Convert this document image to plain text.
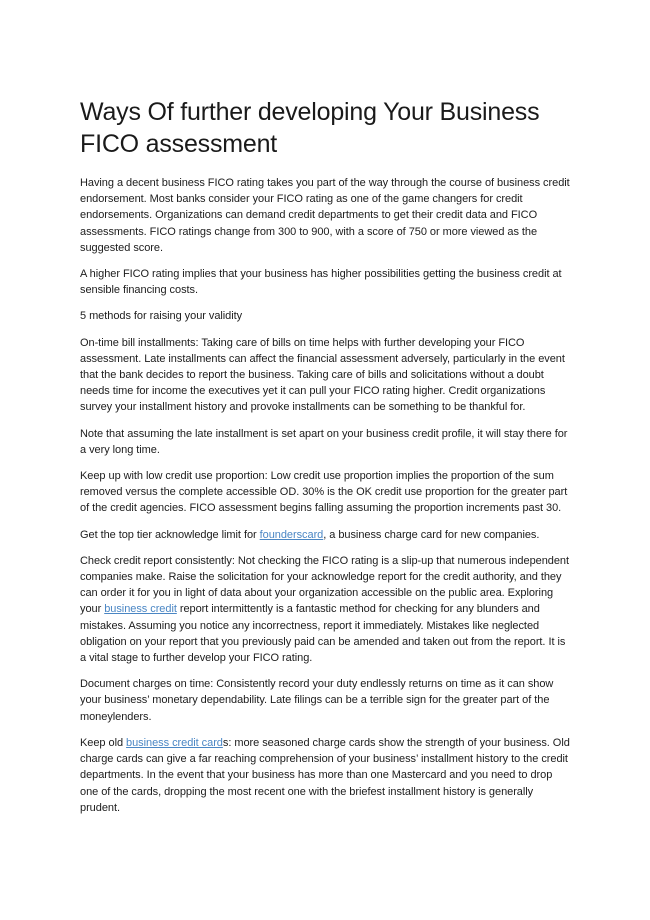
Ways Of further developing Your Business FICO assessment

Having a decent business FICO rating takes you part of the way through the course of business credit endorsement. Most banks consider your FICO rating as one of the game changers for credit endorsements. Organizations can demand credit departments to get their credit data and FICO assessments. FICO ratings change from 300 to 900, with a score of 750 or more viewed as the suggested score.

A higher FICO rating implies that your business has higher possibilities getting the business credit at sensible financing costs.

5 methods for raising your validity

On-time bill installments: Taking care of bills on time helps with further developing your FICO assessment. Late installments can affect the financial assessment adversely, particularly in the event that the bank decides to report the business. Taking care of bills and solicitations without a doubt needs time for income the executives yet it can pull your FICO rating higher. Credit organizations survey your installment history and provoke installments can be something to be thankful for.

Note that assuming the late installment is set apart on your business credit profile, it will stay there for a very long time.

Keep up with low credit use proportion: Low credit use proportion implies the proportion of the sum removed versus the complete accessible OD. 30% is the OK credit use proportion for the greater part of the credit agencies. FICO assessment begins falling assuming the proportion increments past 30.

Get the top tier acknowledge limit for founderscard, a business charge card for new companies.

Check credit report consistently: Not checking the FICO rating is a slip-up that numerous independent companies make. Raise the solicitation for your acknowledge report for the credit authority, and they can order it for you in light of data about your organization accessible on the public area. Exploring your business credit report intermittently is a fantastic method for checking for any blunders and mistakes. Assuming you notice any incorrectness, report it immediately. Mistakes like neglected obligation on your report that you previously paid can be amended and taken out from the report. It is a vital stage to further develop your FICO rating.

Document charges on time: Consistently record your duty endlessly returns on time as it can show your business’ monetary dependability. Late filings can be a terrible sign for the greater part of the moneylenders.

Keep old business credit cards: more seasoned charge cards show the strength of your business. Old charge cards can give a far reaching comprehension of your business’ installment history to the credit departments. In the event that your business has more than one Mastercard and you need to drop one of the cards, dropping the most recent one with the briefest installment history is generally prudent.
